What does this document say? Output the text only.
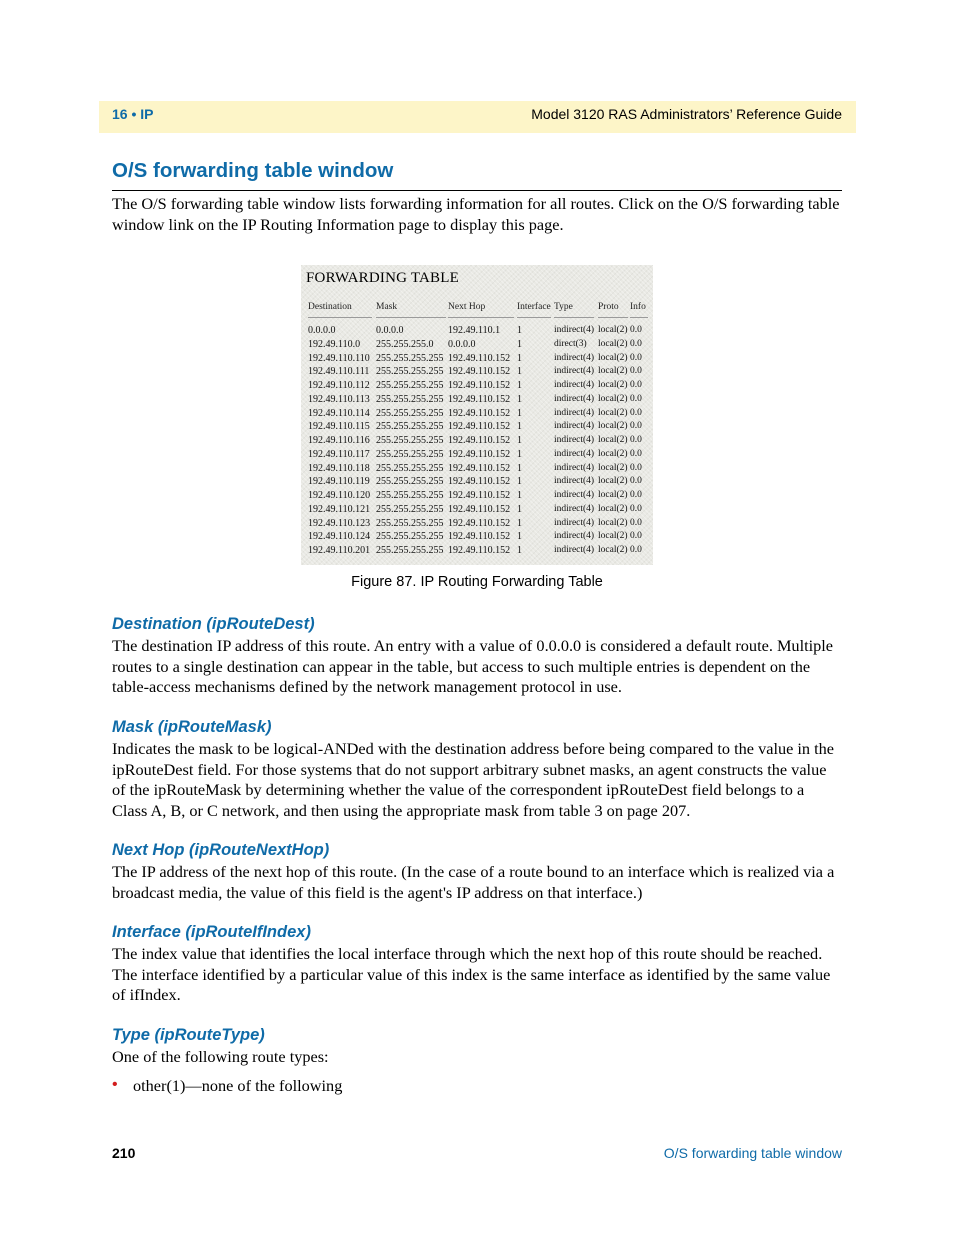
16 • IP	Model 3120 RAS Administrators’ Reference Guide
O/S forwarding table window

The O/S forwarding table window lists forwarding information for all routes. Click on the O/S forwarding table window link on the IP Routing Information page to display this page.

FORWARDING TABLE
Destination	Mask	Next Hop	Interface Type	Proto Info
0.0.0.0	0.0.0.0	192.49.110.1 1	indirect(4) local(2) 0.0
192.49.110.0 255.255.255.0 0.0.0.0	1	direct(3) local(2) 0.0
192.49.110.110 255.255.255.255 192.49.110.152 1	indirect(4) local(2) 0.0
192.49.110.111 255.255.255.255 192.49.110.152 1	indirect(4) local(2) 0.0
192.49.110.112 255.255.255.255 192.49.110.152 1	indirect(4) local(2) 0.0
192.49.110.113 255.255.255.255 192.49.110.152 1	indirect(4) local(2) 0.0
192.49.110.114 255.255.255.255 192.49.110.152 1	indirect(4) local(2) 0.0
192.49.110.115 255.255.255.255 192.49.110.152 1	indirect(4) local(2) 0.0
192.49.110.116 255.255.255.255 192.49.110.152 1	indirect(4) local(2) 0.0
192.49.110.117 255.255.255.255 192.49.110.152 1	indirect(4) local(2) 0.0
192.49.110.118 255.255.255.255 192.49.110.152 1	indirect(4) local(2) 0.0
192.49.110.119 255.255.255.255 192.49.110.152 1	indirect(4) local(2) 0.0
192.49.110.120 255.255.255.255 192.49.110.152 1	indirect(4) local(2) 0.0
192.49.110.121 255.255.255.255 192.49.110.152 1	indirect(4) local(2) 0.0
192.49.110.123 255.255.255.255 192.49.110.152 1	indirect(4) local(2) 0.0
192.49.110.124 255.255.255.255 192.49.110.152 1	indirect(4) local(2) 0.0
192.49.110.201 255.255.255.255 192.49.110.152 1	indirect(4) local(2) 0.0
Figure 87. IP Routing Forwarding Table
Destination (ipRouteDest)

The destination IP address of this route. An entry with a value of 0.0.0.0 is considered a default route. Multiple routes to a single destination can appear in the table, but access to such multiple entries is dependent on the table-access mechanisms defined by the network management protocol in use.

Mask (ipRouteMask)

Indicates the mask to be logical-ANDed with the destination address before being compared to the value in the ipRouteDest field. For those systems that do not support arbitrary subnet masks, an agent constructs the value of the ipRouteMask by determining whether the value of the correspondent ipRouteDest field belongs to a Class A, B, or C network, and then using the appropriate mask from table 3 on page 207.

Next Hop (ipRouteNextHop)

The IP address of the next hop of this route. (In the case of a route bound to an interface which is realized via a broadcast media, the value of this field is the agent's IP address on that interface.)

Interface (ipRouteIfIndex)

The index value that identifies the local interface through which the next hop of this route should be reached. The interface identified by a particular value of this index is the same interface as identified by the same value of ifIndex.

Type (ipRouteType)

One of the following route types:

• other(1)—none of the following
210	O/S forwarding table window
